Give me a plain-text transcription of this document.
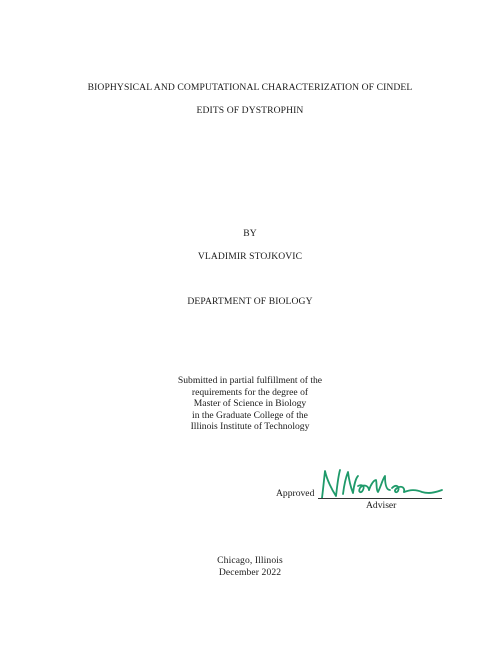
BIOPHYSICAL AND COMPUTATIONAL CHARACTERIZATION OF CINDEL
EDITS OF DYSTROPHIN
BY
VLADIMIR STOJKOVIC
DEPARTMENT OF BIOLOGY
Submitted in partial fulfillment of the
requirements for the degree of
Master of Science in Biology
in the Graduate College of the
Illinois Institute of Technology
Approved
Adviser
Chicago, Illinois
December 2022
